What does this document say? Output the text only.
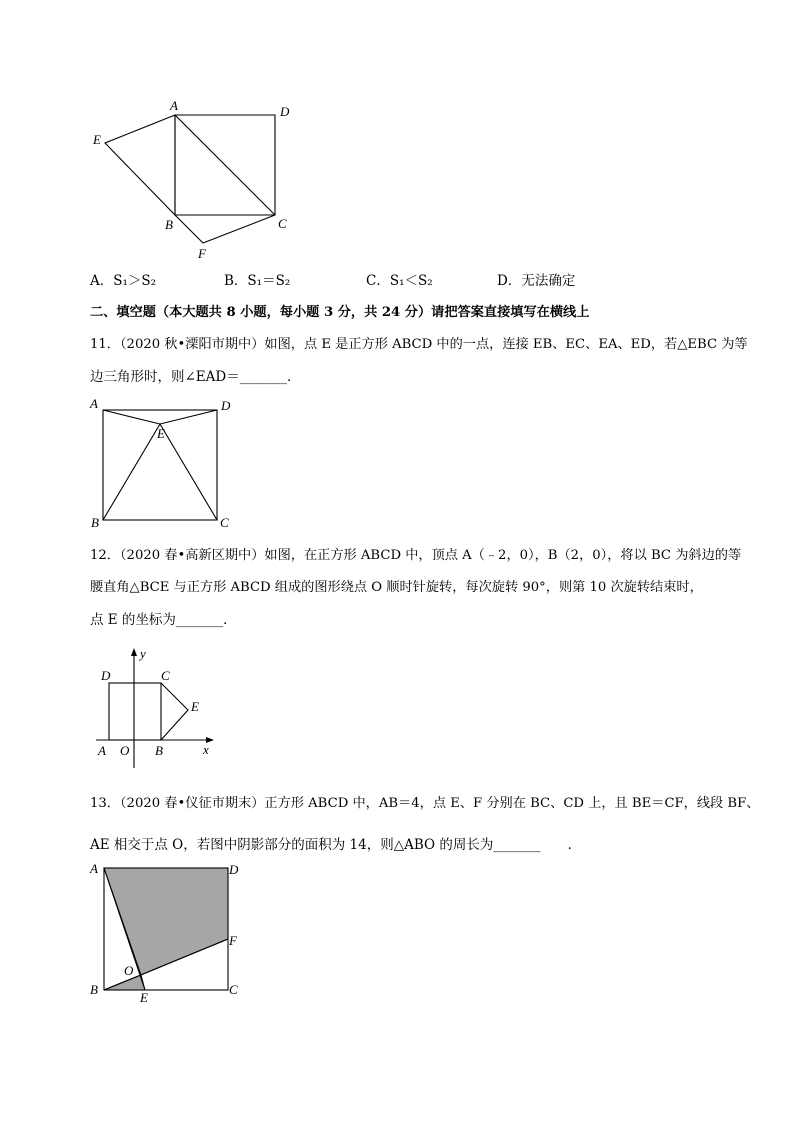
A	D
E
B	C
F
A．S₁＞S₂	B．S₁＝S₂	C．S₁＜S₂	D．无法确定
二、填空题（本大题共 8 小题，每小题 3 分，共 24 分）请把答案直接填写在横线上
11．（2020 秋•溧阳市期中）如图，点 E 是正方形 ABCD 中的一点，连接 EB、EC、EA、ED，若△EBC 为等
边三角形时，则∠EAD＝_______．
A	D
E
B	C
12．（2020 春•高新区期中）如图，在正方形 ABCD 中，顶点 A（﹣2，0），B（2，0），将以 BC 为斜边的等
腰直角△BCE 与正方形 ABCD 组成的图形绕点 O 顺时针旋转，每次旋转 90°，则第 10 次旋转结束时，
点 E 的坐标为_______．
y
x
D	C
E
A O B
13．（2020 春•仪征市期末）正方形 ABCD 中，AB＝4，点 E、F 分别在 BC、CD 上，且 BE＝CF，线段 BF、
AE 相交于点 O，若图中阴影部分的面积为 14，则△ABO 的周长为_______　　．
A	D
F
O
B
E
C
